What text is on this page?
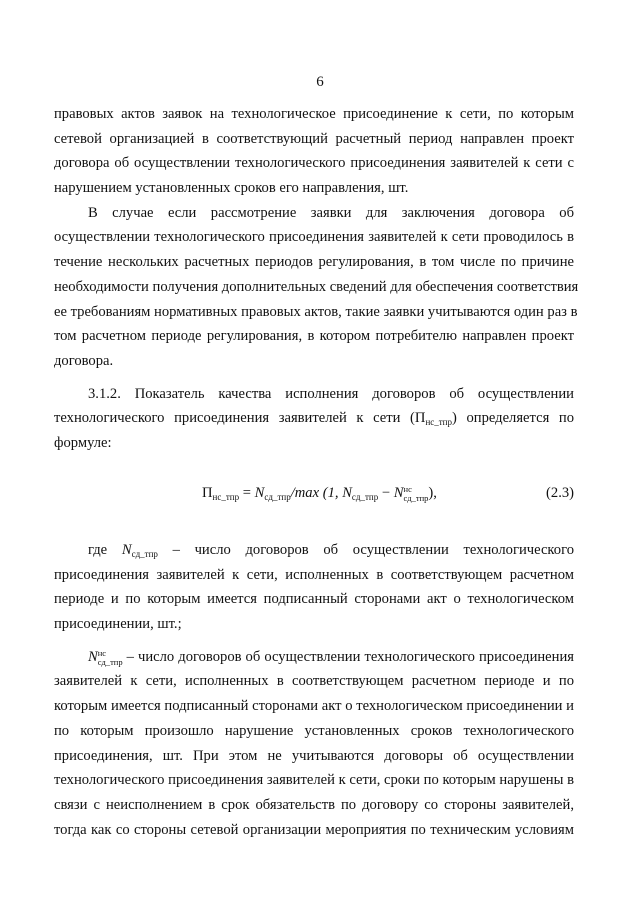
6
правовых актов заявок на технологическое присоединение к сети, по которым
сетевой организацией в соответствующий расчетный период направлен проект
договора об осуществлении технологического присоединения заявителей к сети с
нарушением установленных сроков его направления, шт.
В случае если рассмотрение заявки для заключения договора об
осуществлении технологического присоединения заявителей к сети проводилось в
течение нескольких расчетных периодов регулирования, в том числе по причине
необходимости получения дополнительных сведений для обеспечения соответствия
ее требованиям нормативных правовых актов, такие заявки учитываются один раз в
том расчетном периоде регулирования, в котором потребителю направлен проект
договора.
3.1.2. Показатель качества исполнения договоров об осуществлении
технологического присоединения заявителей к сети $(П_{нс\_тпр})$ определяется по
формуле:
$П_{нс\_тпр} = N_{сд\_тпр}/\max$ (1, $N_{сд\_тпр} - N$ нс
сд_тпр ),	(2.3)
где $N_{сд\_тпр}$ – число договоров об осуществлении технологического
присоединения заявителей к сети, исполненных в соответствующем расчетном
периоде и по которым имеется подписанный сторонами акт о технологическом
присоединении, шт.;
N нс
сд_тпр – число договоров об осуществлении технологического присоединения
заявителей к сети, исполненных в соответствующем расчетном периоде и по
которым имеется подписанный сторонами акт о технологическом присоединении и
по которым произошло нарушение установленных сроков технологического
присоединения, шт. При этом не учитываются договоры об осуществлении
технологического присоединения заявителей к сети, сроки по которым нарушены в
связи с неисполнением в срок обязательств по договору со стороны заявителей,
тогда как со стороны сетевой организации мероприятия по техническим условиям
